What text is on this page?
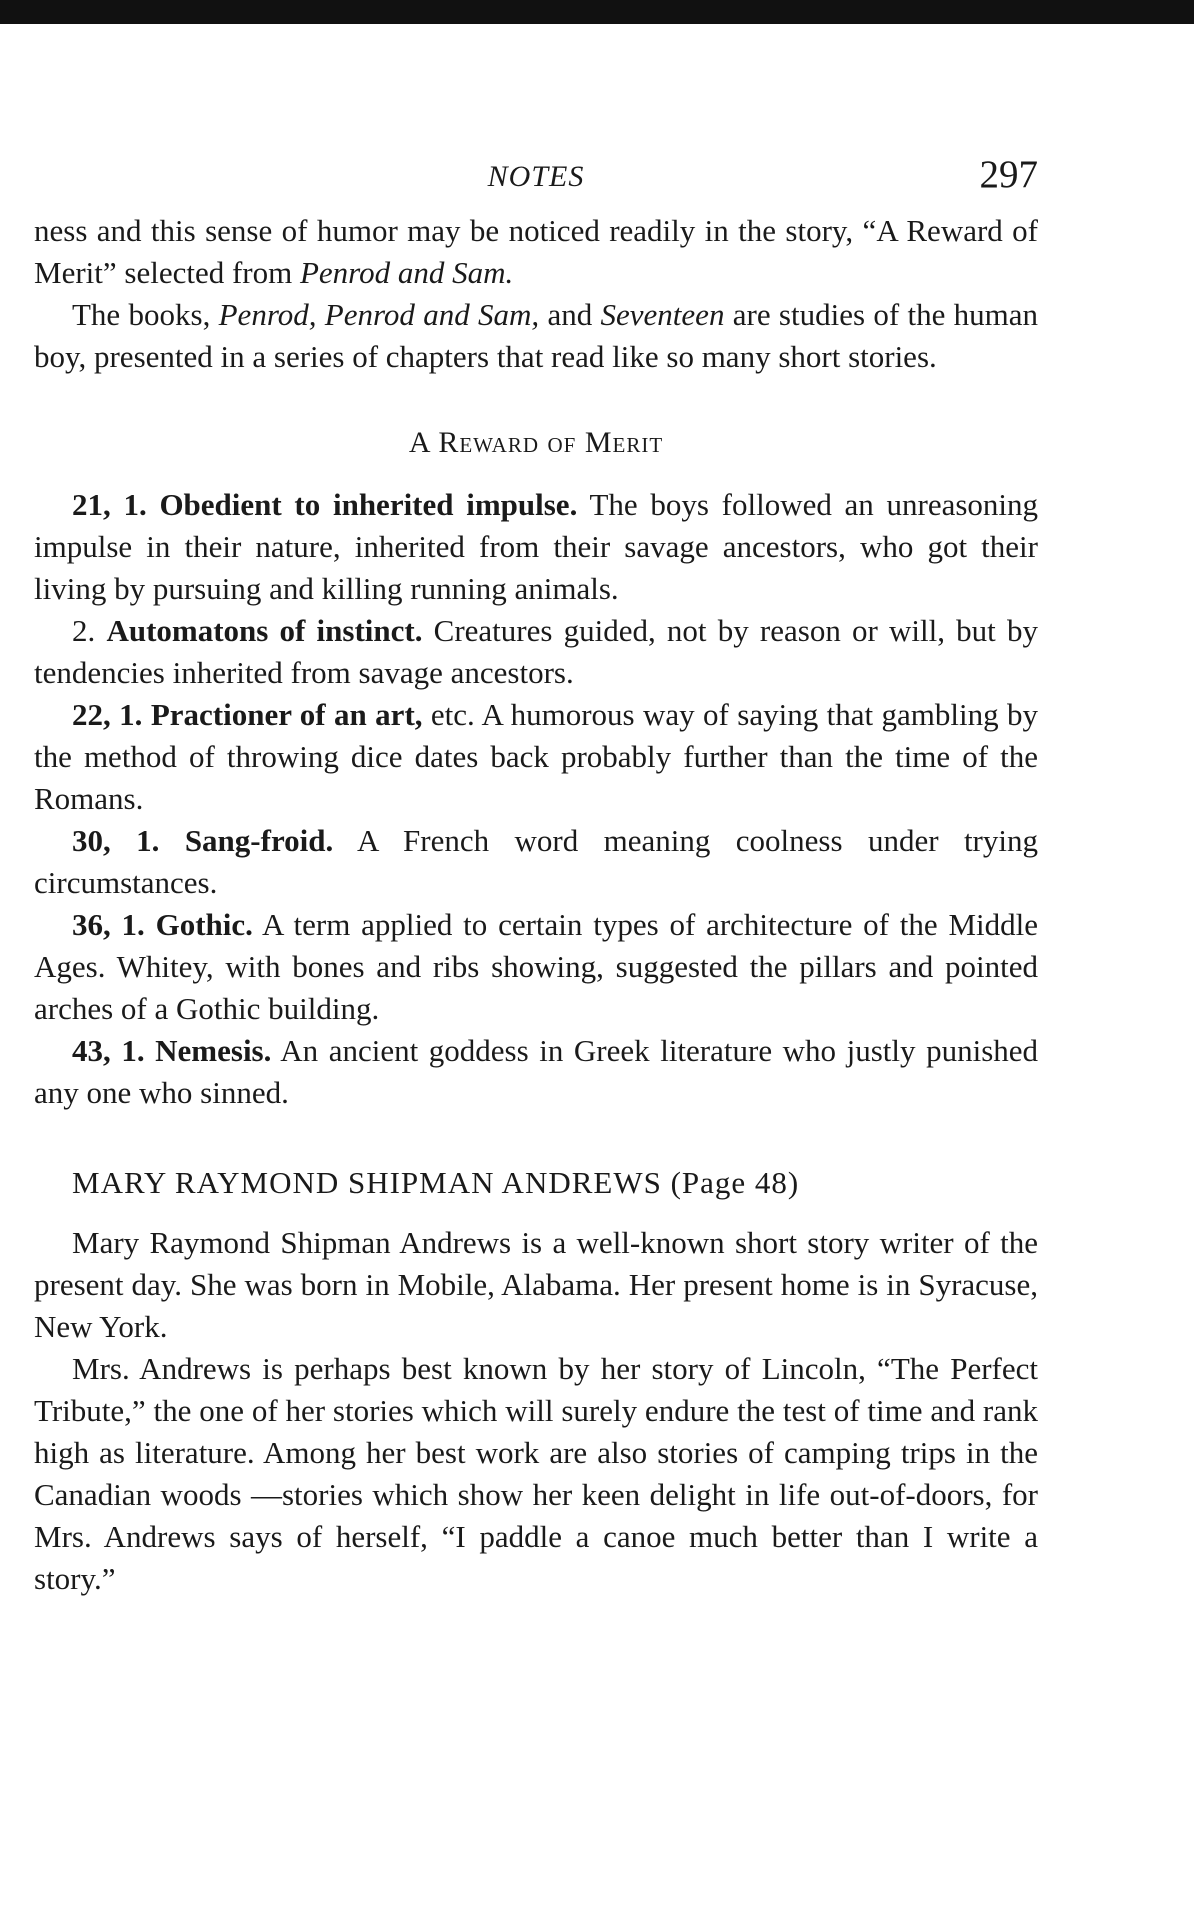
NOTES	297

ness and this sense of humor may be noticed readily in the story, “A Reward of Merit” selected from Penrod and Sam.

The books, Penrod, Penrod and Sam, and Seventeen are studies of the human boy, presented in a series of chapters that read like so many short stories.

A Reward of Merit

21, 1. Obedient to inherited impulse. The boys followed an unreasoning impulse in their nature, inherited from their savage ancestors, who got their living by pursuing and killing running animals.

2. Automatons of instinct. Creatures guided, not by reason or will, but by tendencies inherited from savage ancestors.

22, 1. Practioner of an art, etc. A humorous way of saying that gambling by the method of throwing dice dates back probably further than the time of the Romans.

30, 1. Sang-froid. A French word meaning coolness under trying circumstances.

36, 1. Gothic. A term applied to certain types of architecture of the Middle Ages. Whitey, with bones and ribs showing, suggested the pillars and pointed arches of a Gothic building.

43, 1. Nemesis. An ancient goddess in Greek literature who justly punished any one who sinned.

MARY RAYMOND SHIPMAN ANDREWS (Page 48)

Mary Raymond Shipman Andrews is a well-known short story writer of the present day. She was born in Mobile, Alabama. Her present home is in Syracuse, New York.

Mrs. Andrews is perhaps best known by her story of Lincoln, “The Perfect Tribute,” the one of her stories which will surely endure the test of time and rank high as literature. Among her best work are also stories of camping trips in the Canadian woods —stories which show her keen delight in life out-of-doors, for Mrs. Andrews says of herself, “I paddle a canoe much better than I write a story.”
